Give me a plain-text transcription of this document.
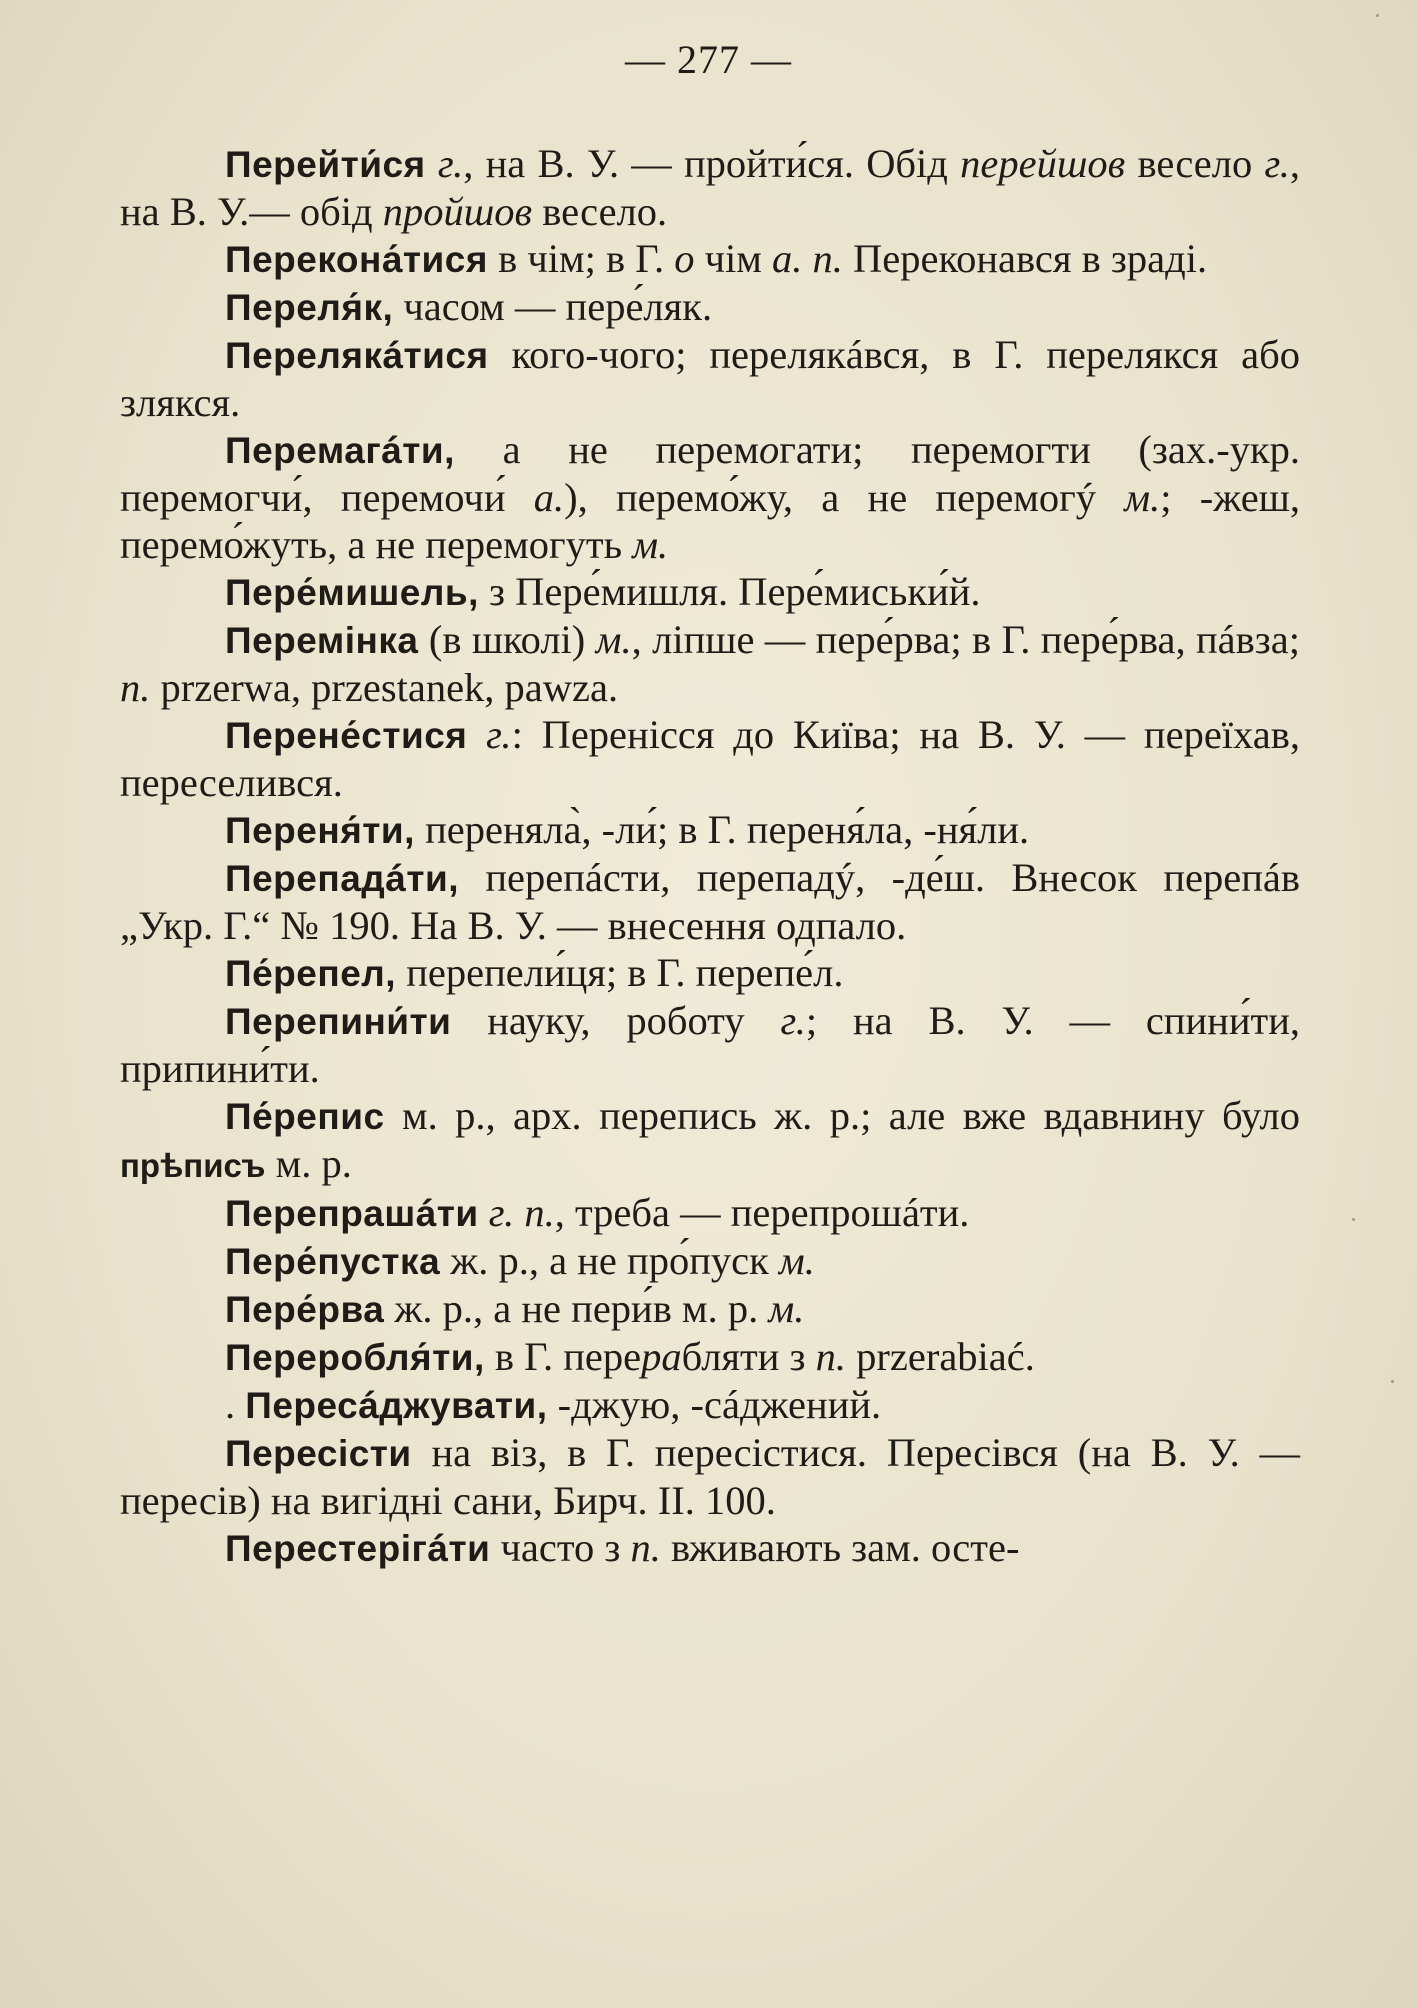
— 277 —

Перейти́ся г., на В. У. — пройти́ся. Обід перейшов весело г., на В. У.— обід пройшов весело.

Перекона́тися в чім; в Г. о чім а. п. Переконався в зраді.

Переля́к, часом — пере́ляк.

Перелякáтися кого-чого; перелякáвся, в Г. перелякся або злякся.

Перемагáти, а не перемогати; перемогти (зах.-укр. перемогчи́, перемочи́ а.), перемо́жу, а не перемогý м.; -жеш, перемо́жуть, а не перемогуть м.

Пере́мишель, з Пере́мишля. Пере́миськи́й.

Перемінка (в школі) м., ліпше — пере́рва; в Г. пере́рва, пáвза; п. przerwa, przestanek, pawza.

Перене́стися г.: Перенісся до Київа; на В. У. — переїхав, переселився.

Переня́ти, переняла̀, -ли́; в Г. переня́ла, -ня́ли.

Перепадáти, перепáсти, перепадý, -де́ш. Внесок перепáв „Укр. Г.“ № 190. На В. У. — внесення одпало.

Пе́репел, перепели́ця; в Г. перепе́л.

Перепини́ти науку, роботу г.; на В. У. — спини́ти, припини́ти.

Пе́репис м. р., арх. перепись ж. р.; але вже вдавнину було прѣписъ м. р.

Перепрашáти г. п., треба — перепрошáти.

Пере́пустка ж. р., а не про́пуск м.

Пере́рва ж. р., а не пери́в м. р. м.

Переробля́ти, в Г. перерабляти з п. przerabiać.

. Пересáджувати, -джую, -сáджений.

Пересісти на віз, в Г. пересістися. Пересівся (на В. У. — пересів) на вигідні сани, Бирч. II. 100.

Перестерігáти часто з п. вживають зам. осте-
